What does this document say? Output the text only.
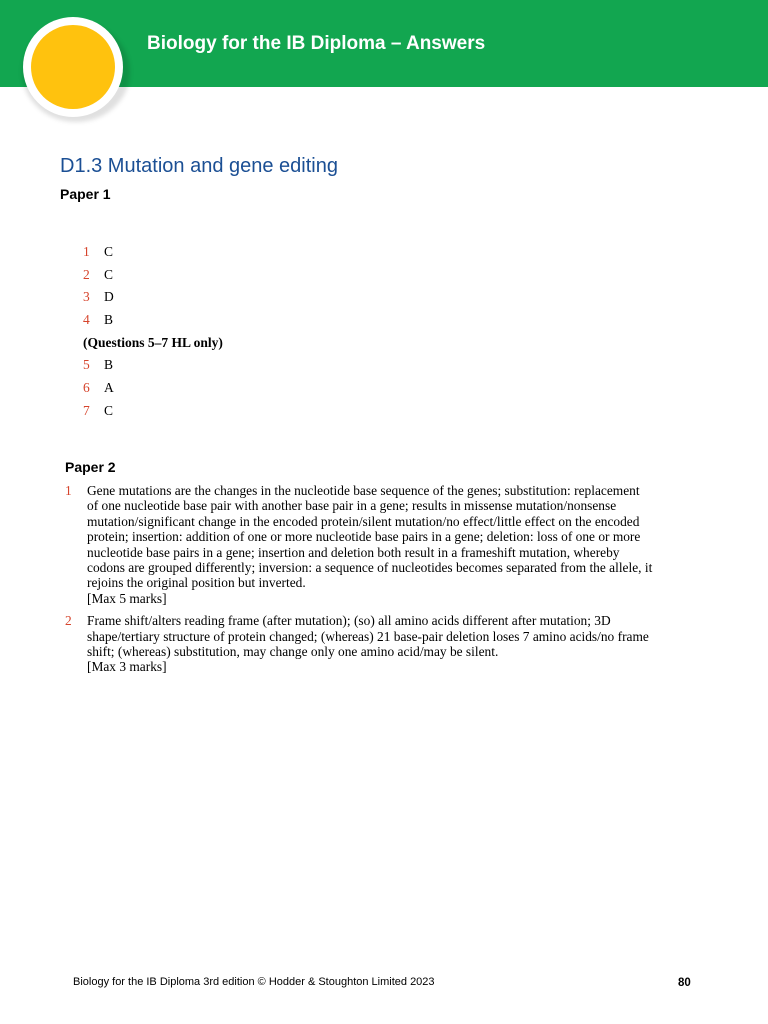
Biology for the IB Diploma – Answers
D1.3 Mutation and gene editing
Paper 1
1 C
2 C
3 D
4 B
(Questions 5–7 HL only)
5 B
6 A
7 C
Paper 2
1 Gene mutations are the changes in the nucleotide base sequence of the genes; substitution: replacement
of one nucleotide base pair with another base pair in a gene; results in missense mutation/nonsense
mutation/significant change in the encoded protein/silent mutation/no effect/little effect on the encoded
protein; insertion: addition of one or more nucleotide base pairs in a gene; deletion: loss of one or more
nucleotide base pairs in a gene; insertion and deletion both result in a frameshift mutation, whereby
codons are grouped differently; inversion: a sequence of nucleotides becomes separated from the allele, it
rejoins the original position but inverted.
[Max 5 marks]
2 Frame shift/alters reading frame (after mutation); (so) all amino acids different after mutation; 3D
shape/tertiary structure of protein changed; (whereas) 21 base-pair deletion loses 7 amino acids/no frame
shift; (whereas) substitution, may change only one amino acid/may be silent.
[Max 3 marks]
Biology for the IB Diploma 3rd edition © Hodder & Stoughton Limited 2023	80
